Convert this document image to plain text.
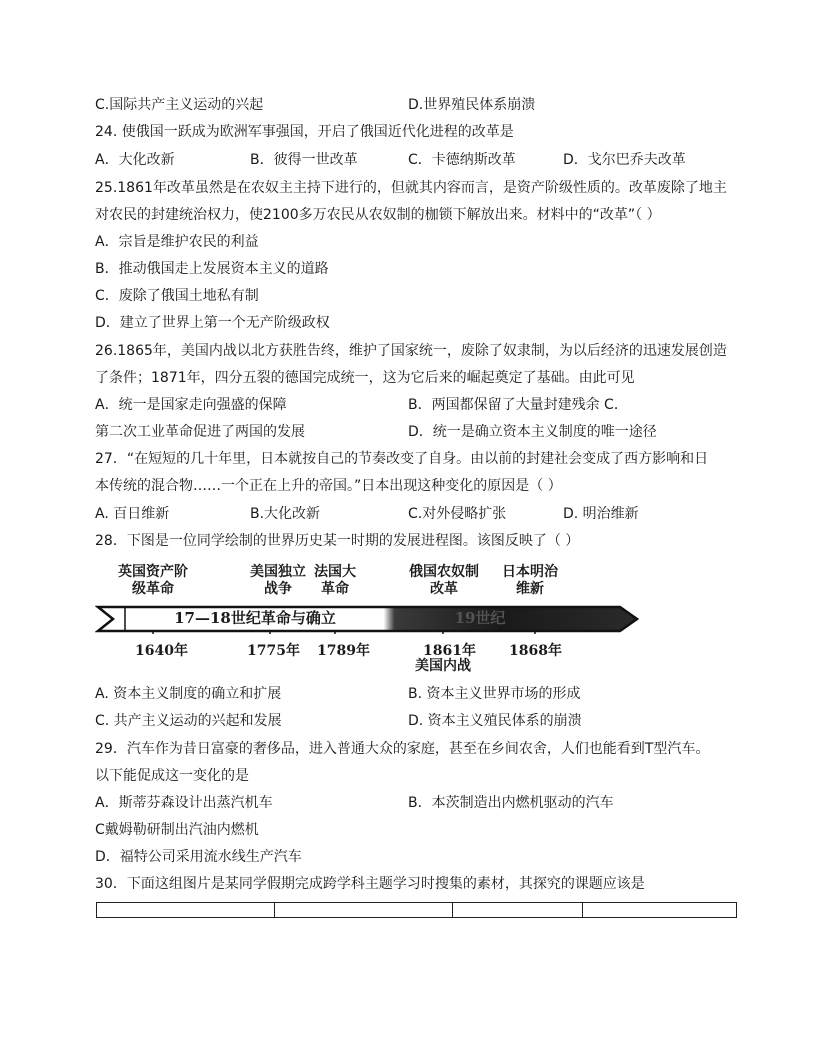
C.国际共产主义运动的兴起	D.世界殖民体系崩溃
24. 使俄国一跃成为欧洲军事强国，开启了俄国近代化进程的改革是
A．大化改新	B．彼得一世改革	C．卡德纳斯改革	D．戈尔巴乔夫改革
25.1861年改革虽然是在农奴主主持下进行的，但就其内容而言，是资产阶级性质的。改革废除了地主
对农民的封建统治权力，使2100多万农民从农奴制的枷锁下解放出来。材料中的“改革”（ ）
A．宗旨是维护农民的利益
B．推动俄国走上发展资本主义的道路
C．废除了俄国土地私有制
D．建立了世界上第一个无产阶级政权
26.1865年，美国内战以北方获胜告终，维护了国家统一，废除了奴隶制，为以后经济的迅速发展创造
了条件；1871年，四分五裂的德国完成统一，这为它后来的崛起奠定了基础。由此可见
A．统一是国家走向强盛的保障	B．两国都保留了大量封建残余 C．
第二次工业革命促进了两国的发展	D．统一是确立资本主义制度的唯一途径
27．“在短短的几十年里，日本就按自己的节奏改变了自身。由以前的封建社会变成了西方影响和日
本传统的混合物……一个正在上升的帝国。”日本出现这种变化的原因是（ ）
A. 百日维新	B.大化改新	C.对外侵略扩张	D. 明治维新
28．下图是一位同学绘制的世界历史某一时期的发展进程图。该图反映了（ ）
英国资产阶级革命
美国独立战争
法国大革命
俄国农奴制改革
日本明治维新
17—18世纪革命与确立	19世纪
1640年	1775年 1789年	1861年 1868年
美国内战
A. 资本主义制度的确立和扩展	B. 资本主义世界市场的形成
C. 共产主义运动的兴起和发展	D. 资本主义殖民体系的崩溃
29．汽车作为昔日富豪的奢侈品，进入普通大众的家庭，甚至在乡间农舍，人们也能看到T型汽车。
以下能促成这一变化的是
A．斯蒂芬森设计出蒸汽机车	B．本茨制造出内燃机驱动的汽车
C戴姆勒研制出汽油内燃机
D．福特公司采用流水线生产汽车
30．下面这组图片是某同学假期完成跨学科主题学习时搜集的素材，其探究的课题应该是
